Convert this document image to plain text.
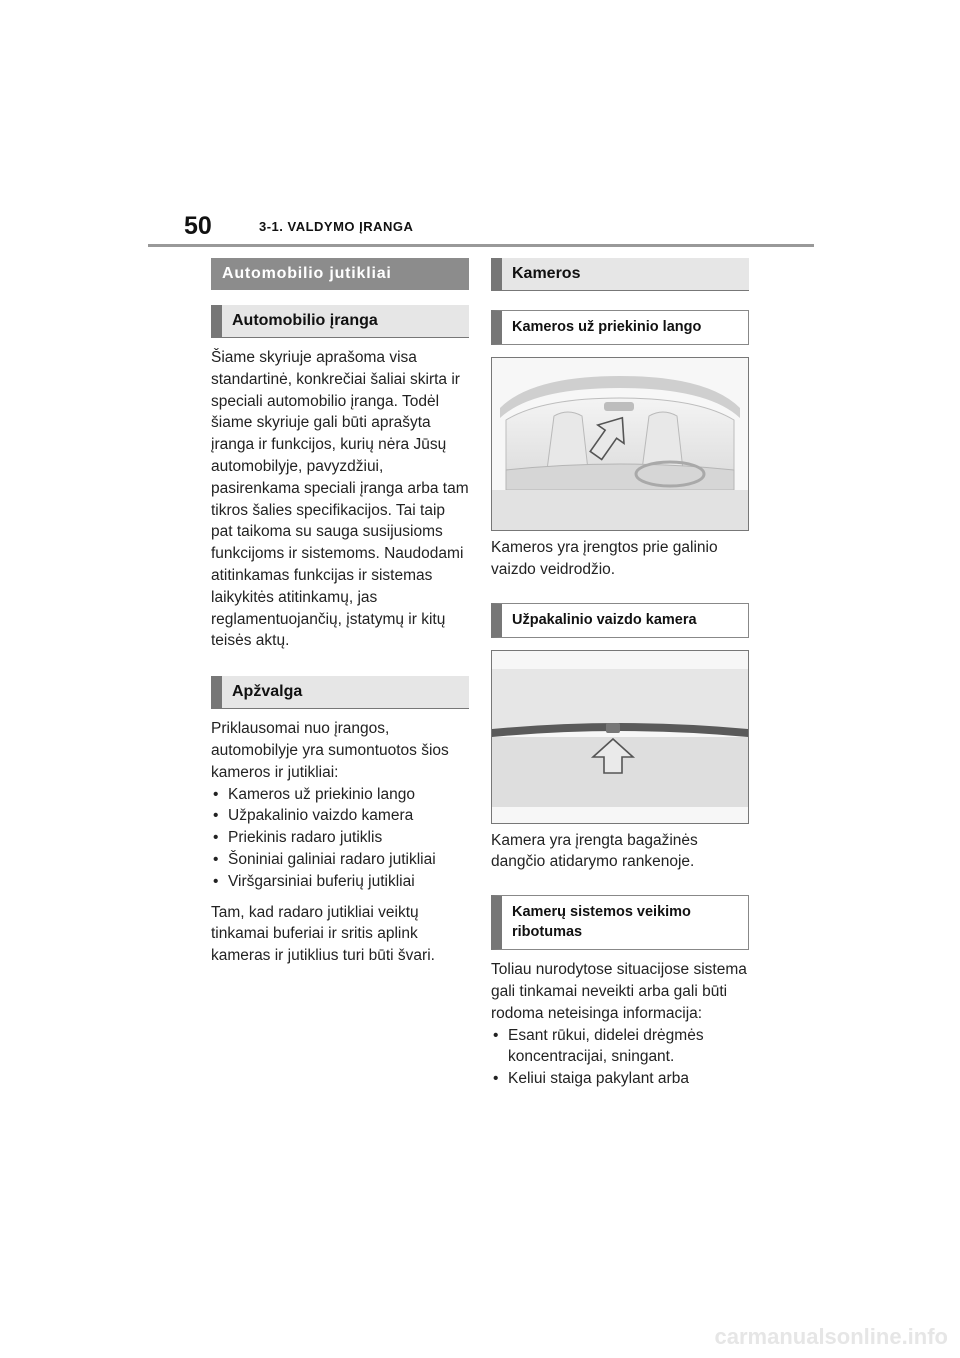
50	3-1. VALDYMO ĮRANGA
Automobilio jutikliai
Automobilio įranga

Šiame skyriuje aprašoma visa standartinė, konkrečiai šaliai skirta ir speciali automobilio įranga. Todėl šiame skyriuje gali būti aprašyta įranga ir funkcijos, kurių nėra Jūsų automobilyje, pavyzdžiui, pasirenkama speciali įranga arba tam tikros šalies specifikacijos. Tai taip pat taikoma su sauga susijusioms funkcijoms ir sistemoms. Naudodami atitinkamas funkcijas ir sistemas laikykitės atitinkamų, jas reglamentuojančių, įstatymų ir kitų teisės aktų.

Apžvalga

Priklausomai nuo įrangos, automobilyje yra sumontuotos šios kameros ir jutikliai:

• Kameros už priekinio lango
• Užpakalinio vaizdo kamera
• Priekinis radaro jutiklis
• Šoniniai galiniai radaro jutikliai
• Viršgarsiniai buferių jutikliai

Tam, kad radaro jutikliai veiktų tinkamai buferiai ir sritis aplink kameras ir jutiklius turi būti švari.

Kameros
Kameros už priekinio lango

Kameros yra įrengtos prie galinio vaizdo veidrodžio.

Užpakalinio vaizdo kamera

Kamera yra įrengta bagažinės dangčio atidarymo rankenoje.

Kamerų sistemos veikimo ribotumas

Toliau nurodytose situacijose sistema gali tinkamai neveikti arba gali būti rodoma neteisinga informacija:

• Esant rūkui, didelei drėgmės koncentracijai, sningant.
• Keliui staiga pakylant arba
carmanualsonline.info
